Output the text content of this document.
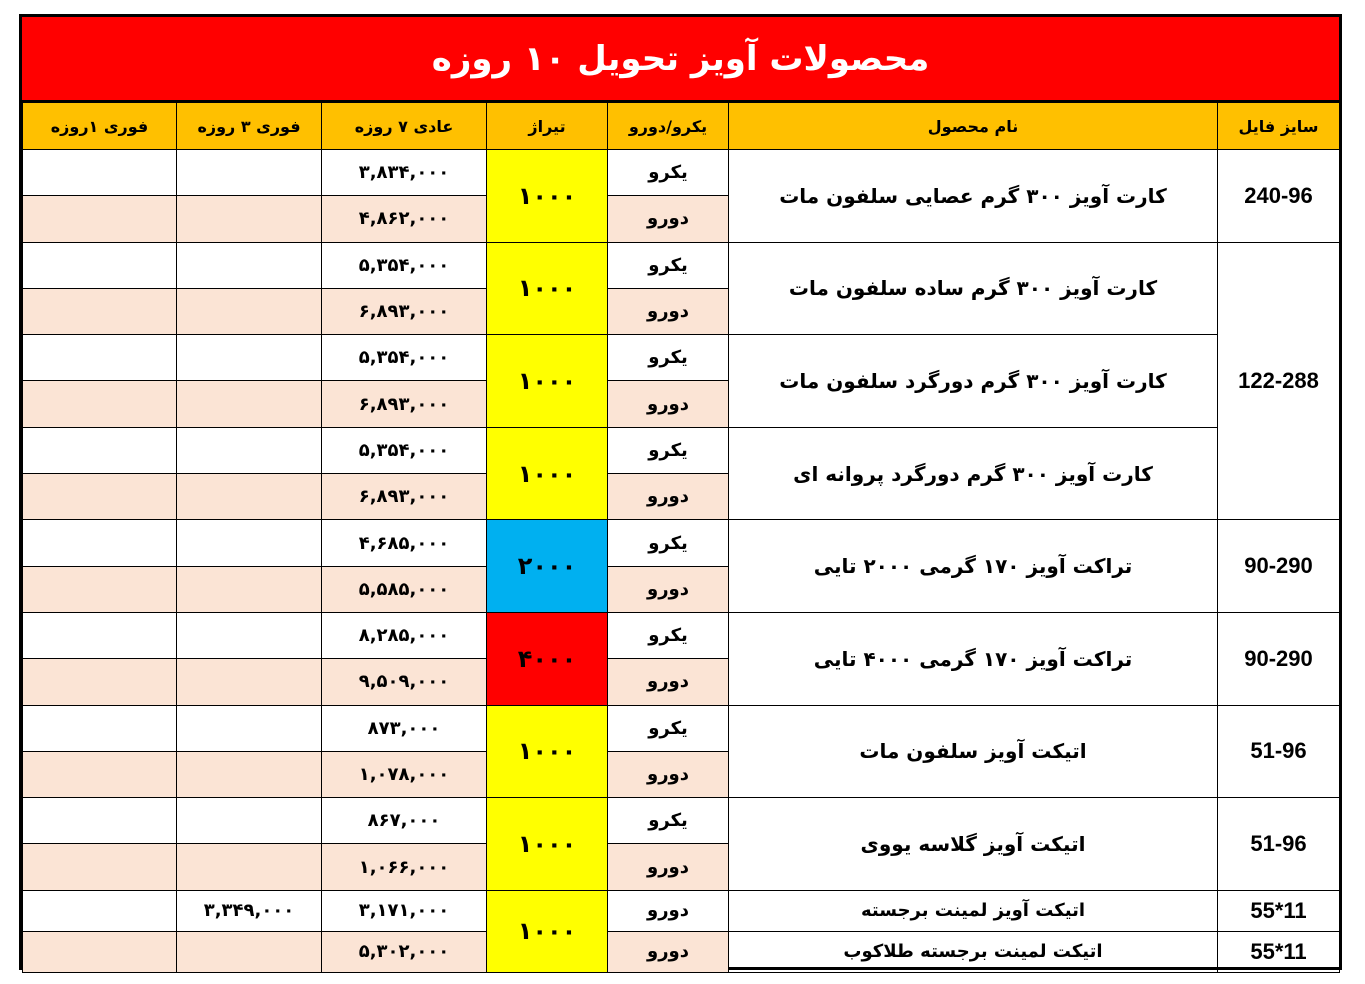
محصولات آویز تحویل ۱۰ روزه
سایز فایل	نام محصول	یکرو/دورو	تیراژ	عادی ۷ روزه	فوری ۳ روزه	فوری ۱روزه
240-96	کارت آویز ۳۰۰ گرم عصایی سلفون مات	یکرو	۱۰۰۰	۳,۸۳۴,۰۰۰		
		دورو		۴,۸۶۲,۰۰۰		
122-288	کارت آویز ۳۰۰ گرم ساده سلفون مات	یکرو	۱۰۰۰	۵,۳۵۴,۰۰۰		
		دورو		۶,۸۹۳,۰۰۰		
	کارت آویز ۳۰۰ گرم دورگرد سلفون مات	یکرو	۱۰۰۰	۵,۳۵۴,۰۰۰		
		دورو		۶,۸۹۳,۰۰۰		
	کارت آویز ۳۰۰ گرم دورگرد پروانه ای	یکرو	۱۰۰۰	۵,۳۵۴,۰۰۰		
		دورو		۶,۸۹۳,۰۰۰		
90-290	تراکت آویز ۱۷۰ گرمی ۲۰۰۰ تایی	یکرو	۲۰۰۰	۴,۶۸۵,۰۰۰		
		دورو		۵,۵۸۵,۰۰۰		
90-290	تراکت آویز ۱۷۰ گرمی ۴۰۰۰ تایی	یکرو	۴۰۰۰	۸,۲۸۵,۰۰۰		
		دورو		۹,۵۰۹,۰۰۰		
51-96	اتیکت آویز سلفون مات	یکرو	۱۰۰۰	۸۷۳,۰۰۰		
		دورو		۱,۰۷۸,۰۰۰		
51-96	اتیکت آویز گلاسه یووی	یکرو	۱۰۰۰	۸۶۷,۰۰۰		
		دورو		۱,۰۶۶,۰۰۰		
11*55	اتیکت آویز لمینت برجسته	دورو	۱۰۰۰	۳,۱۷۱,۰۰۰	۳,۳۴۹,۰۰۰	
11*55	اتیکت لمینت برجسته طلاکوب	دورو		۵,۳۰۲,۰۰۰		
